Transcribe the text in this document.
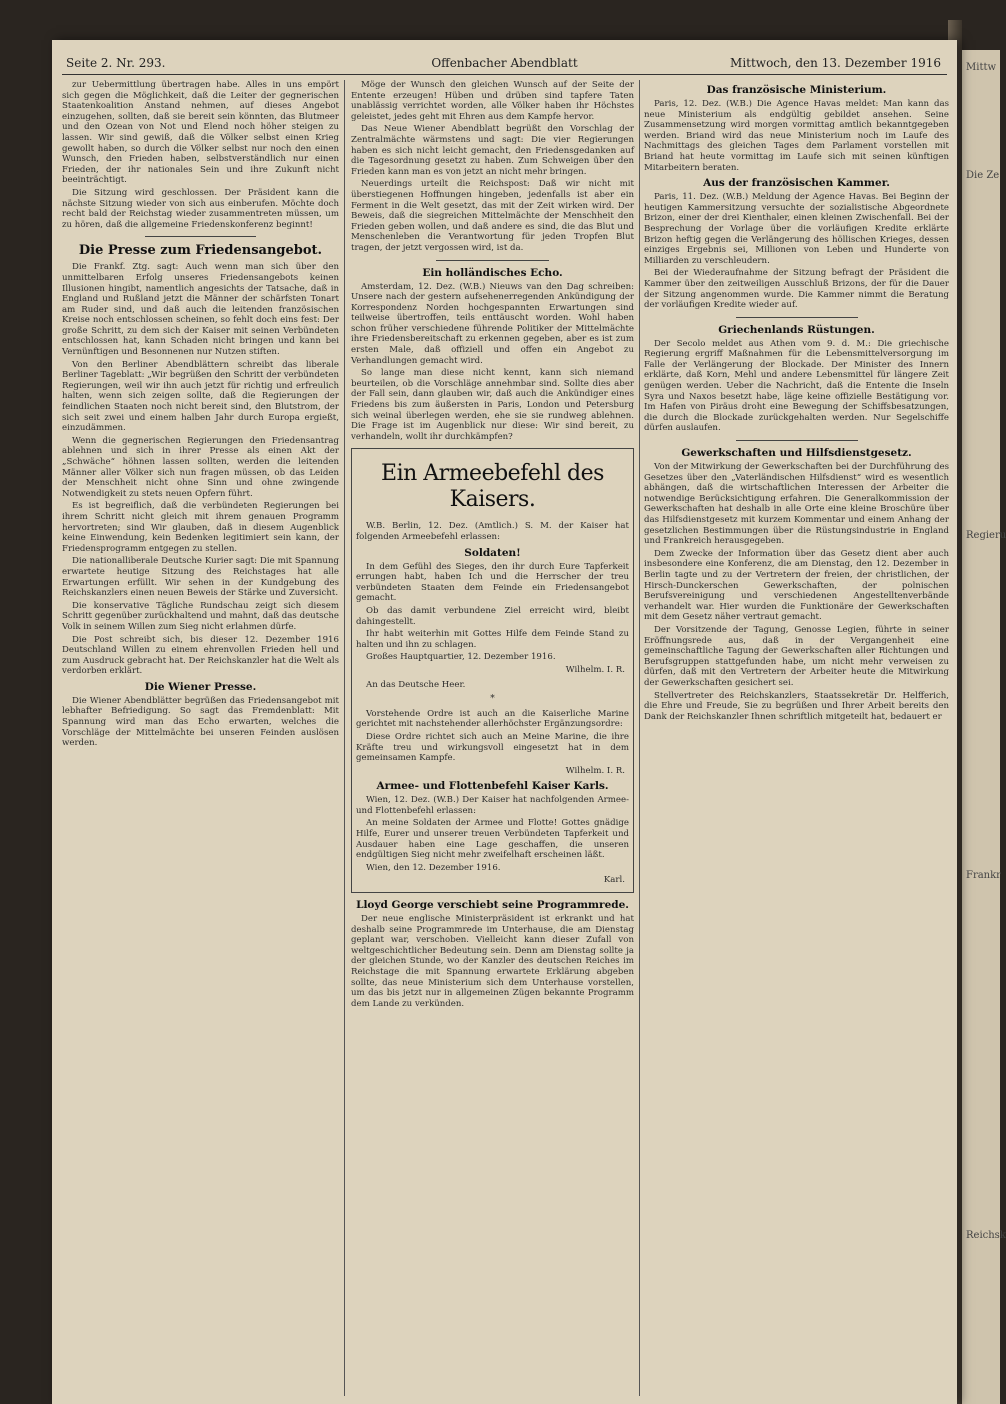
Mittw
Die Ze
Regieru
Frankr
Reichsk
Seite 2. Nr. 293.	Offenbacher Abendblatt	Mittwoch, den 13. Dezember 1916

zur Uebermittlung übertragen habe. Alles in uns empört sich gegen die Möglichkeit, daß die Leiter der gegnerischen Staatenkoalition Anstand nehmen, auf dieses Angebot einzugehen, sollten, daß sie bereit sein könnten, das Blutmeer und den Ozean von Not und Elend noch höher steigen zu lassen. Wir sind gewiß, daß die Völker selbst einen Krieg gewollt haben, so durch die Völker selbst nur noch den einen Wunsch, den Frieden haben, selbstverständlich nur einen Frieden, der ihr nationales Sein und ihre Zukunft nicht beeinträchtigt.

Die Sitzung wird geschlossen. Der Präsident kann die nächste Sitzung wieder von sich aus einberufen. Möchte doch recht bald der Reichstag wieder zusammentreten müssen, um zu hören, daß die allgemeine Friedenskonferenz beginnt!

Die Presse zum Friedensangebot.

Die Frankf. Ztg. sagt: Auch wenn man sich über den unmittelbaren Erfolg unseres Friedensangebots keinen Illusionen hingibt, namentlich angesichts der Tatsache, daß in England und Rußland jetzt die Männer der schärfsten Tonart am Ruder sind, und daß auch die leitenden französischen Kreise noch entschlossen scheinen, so fehlt doch eins fest: Der große Schritt, zu dem sich der Kaiser mit seinen Verbündeten entschlossen hat, kann Schaden nicht bringen und kann bei Vernünftigen und Besonnenen nur Nutzen stiften.

Von den Berliner Abendblättern schreibt das liberale Berliner Tageblatt: „Wir begrüßen den Schritt der verbündeten Regierungen, weil wir ihn auch jetzt für richtig und erfreulich halten, wenn sich zeigen sollte, daß die Regierungen der feindlichen Staaten noch nicht bereit sind, den Blutstrom, der sich seit zwei und einem halben Jahr durch Europa ergießt, einzudämmen.

Wenn die gegnerischen Regierungen den Friedensantrag ablehnen und sich in ihrer Presse als einen Akt der „Schwäche“ höhnen lassen sollten, werden die leitenden Männer aller Völker sich nun fragen müssen, ob das Leiden der Menschheit nicht ohne Sinn und ohne zwingende Notwendigkeit zu stets neuen Opfern führt.

Es ist begreiflich, daß die verbündeten Regierungen bei ihrem Schritt nicht gleich mit ihrem genauen Programm hervortreten; sind Wir glauben, daß in diesem Augenblick keine Einwendung, kein Bedenken legitimiert sein kann, der Friedensprogramm entgegen zu stellen.

Die nationalliberale Deutsche Kurier sagt: Die mit Spannung erwartete heutige Sitzung des Reichstages hat alle Erwartungen erfüllt. Wir sehen in der Kundgebung des Reichskanzlers einen neuen Beweis der Stärke und Zuversicht.

Die konservative Tägliche Rundschau zeigt sich diesem Schritt gegenüber zurückhaltend und mahnt, daß das deutsche Volk in seinem Willen zum Sieg nicht erlahmen dürfe.

Die Post schreibt sich, bis dieser 12. Dezember 1916 Deutschland Willen zu einem ehrenvollen Frieden hell und zum Ausdruck gebracht hat. Der Reichskanzler hat die Welt als verdorben erklärt.

Die Wiener Presse.

Die Wiener Abendblätter begrüßen das Friedensangebot mit lebhafter Befriedigung. So sagt das Fremdenblatt: Mit Spannung wird man das Echo erwarten, welches die Vorschläge der Mittelmächte bei unseren Feinden auslösen werden.

Möge der Wunsch den gleichen Wunsch auf der Seite der Entente erzeugen! Hüben und drüben sind tapfere Taten unablässig verrichtet worden, alle Völker haben ihr Höchstes geleistet, jedes geht mit Ehren aus dem Kampfe hervor.

Das Neue Wiener Abendblatt begrüßt den Vorschlag der Zentralmächte wärmstens und sagt: Die vier Regierungen haben es sich nicht leicht gemacht, den Friedensgedanken auf die Tagesordnung gesetzt zu haben. Zum Schweigen über den Frieden kann man es von jetzt an nicht mehr bringen.

Neuerdings urteilt die Reichspost: Daß wir nicht mit überstiegenen Hoffnungen hingeben, jedenfalls ist aber ein Ferment in die Welt gesetzt, das mit der Zeit wirken wird. Der Beweis, daß die siegreichen Mittelmächte der Menschheit den Frieden geben wollen, und daß andere es sind, die das Blut und Menschenleben die Verantwortung für jeden Tropfen Blut tragen, der jetzt vergossen wird, ist da.

Ein holländisches Echo.

Amsterdam, 12. Dez. (W.B.) Nieuws van den Dag schreiben: Unsere nach der gestern aufsehenerregenden Ankündigung der Korrespondenz Norden hochgespannten Erwartungen sind teilweise übertroffen, teils enttäuscht worden. Wohl haben schon früher verschiedene führende Politiker der Mittelmächte ihre Friedensbereitschaft zu erkennen gegeben, aber es ist zum ersten Male, daß offiziell und offen ein Angebot zu Verhandlungen gemacht wird.

So lange man diese nicht kennt, kann sich niemand beurteilen, ob die Vorschläge annehmbar sind. Sollte dies aber der Fall sein, dann glauben wir, daß auch die Ankündiger eines Friedens bis zum äußersten in Paris, London und Petersburg sich weinal überlegen werden, ehe sie sie rundweg ablehnen. Die Frage ist im Augenblick nur diese: Wir sind bereit, zu verhandeln, wollt ihr durchkämpfen?

Ein Armeebefehl des Kaisers.

W.B. Berlin, 12. Dez. (Amtlich.) S. M. der Kaiser hat folgenden Armeebefehl erlassen:

Soldaten!

In dem Gefühl des Sieges, den ihr durch Eure Tapferkeit errungen habt, haben Ich und die Herrscher der treu verbündeten Staaten dem Feinde ein Friedensangebot gemacht.

Ob das damit verbundene Ziel erreicht wird, bleibt dahingestellt.

Ihr habt weiterhin mit Gottes Hilfe dem Feinde Stand zu halten und ihn zu schlagen.

Großes Hauptquartier, 12. Dezember 1916.

Wilhelm. I. R.

An das Deutsche Heer.

*

Vorstehende Ordre ist auch an die Kaiserliche Marine gerichtet mit nachstehender allerhöchster Ergänzungsordre:

Diese Ordre richtet sich auch an Meine Marine, die ihre Kräfte treu und wirkungsvoll eingesetzt hat in dem gemeinsamen Kampfe.

Wilhelm. I. R.
Armee- und Flottenbefehl Kaiser Karls.

Wien, 12. Dez. (W.B.) Der Kaiser hat nachfolgenden Armee- und Flottenbefehl erlassen:

An meine Soldaten der Armee und Flotte! Gottes gnädige Hilfe, Eurer und unserer treuen Verbündeten Tapferkeit und Ausdauer haben eine Lage geschaffen, die unseren endgültigen Sieg nicht mehr zweifelhaft erscheinen läßt.

Wien, den 12. Dezember 1916.

Karl.
Lloyd George verschiebt seine Programmrede.

Der neue englische Ministerpräsident ist erkrankt und hat deshalb seine Programmrede im Unterhause, die am Dienstag geplant war, verschoben. Vielleicht kann dieser Zufall von weltgeschichtlicher Bedeutung sein. Denn am Dienstag sollte ja der gleichen Stunde, wo der Kanzler des deutschen Reiches im Reichstage die mit Spannung erwartete Erklärung abgeben sollte, das neue Ministerium sich dem Unterhause vorstellen, um das bis jetzt nur in allgemeinen Zügen bekannte Programm dem Lande zu verkünden.

Das französische Ministerium.

Paris, 12. Dez. (W.B.) Die Agence Havas meldet: Man kann das neue Ministerium als endgültig gebildet ansehen. Seine Zusammensetzung wird morgen vormittag amtlich bekanntgegeben werden. Briand wird das neue Ministerium noch im Laufe des Nachmittags des gleichen Tages dem Parlament vorstellen mit Briand hat heute vormittag im Laufe sich mit seinen künftigen Mitarbeitern beraten.

Aus der französischen Kammer.

Paris, 11. Dez. (W.B.) Meldung der Agence Havas. Bei Beginn der heutigen Kammersitzung versuchte der sozialistische Abgeordnete Brizon, einer der drei Kienthaler, einen kleinen Zwischenfall. Bei der Besprechung der Vorlage über die vorläufigen Kredite erklärte Brizon heftig gegen die Verlängerung des höllischen Krieges, dessen einziges Ergebnis sei, Millionen von Leben und Hunderte von Milliarden zu verschleudern.

Bei der Wiederaufnahme der Sitzung befragt der Präsident die Kammer über den zeitweiligen Ausschluß Brizons, der für die Dauer der Sitzung angenommen wurde. Die Kammer nimmt die Beratung der vorläufigen Kredite wieder auf.

Griechenlands Rüstungen.

Der Secolo meldet aus Athen vom 9. d. M.: Die griechische Regierung ergriff Maßnahmen für die Lebensmittelversorgung im Falle der Verlängerung der Blockade. Der Minister des Innern erklärte, daß Korn, Mehl und andere Lebensmittel für längere Zeit genügen werden. Ueber die Nachricht, daß die Entente die Inseln Syra und Naxos besetzt habe, läge keine offizielle Bestätigung vor. Im Hafen von Piräus droht eine Bewegung der Schiffsbesatzungen, die durch die Blockade zurückgehalten werden. Nur Segelschiffe dürfen auslaufen.

Gewerkschaften und Hilfsdienstgesetz.

Von der Mitwirkung der Gewerkschaften bei der Durchführung des Gesetzes über den „Vaterländischen Hilfsdienst“ wird es wesentlich abhängen, daß die wirtschaftlichen Interessen der Arbeiter die notwendige Berücksichtigung erfahren. Die Generalkommission der Gewerkschaften hat deshalb in alle Orte eine kleine Broschüre über das Hilfsdienstgesetz mit kurzem Kommentar und einem Anhang der gesetzlichen Bestimmungen über die Rüstungsindustrie in England und Frankreich herausgegeben.

Dem Zwecke der Information über das Gesetz dient aber auch insbesondere eine Konferenz, die am Dienstag, den 12. Dezember in Berlin tagte und zu der Vertretern der freien, der christlichen, der Hirsch-Dunckerschen Gewerkschaften, der polnischen Berufsvereinigung und verschiedenen Angestelltenverbände verhandelt war. Hier wurden die Funktionäre der Gewerkschaften mit dem Gesetz näher vertraut gemacht.

Der Vorsitzende der Tagung, Genosse Legien, führte in seiner Eröffnungsrede aus, daß in der Vergangenheit eine gemeinschaftliche Tagung der Gewerkschaften aller Richtungen und Berufsgruppen stattgefunden habe, um nicht mehr verweisen zu dürfen, daß mit den Vertretern der Arbeiter heute die Mitwirkung der Gewerkschaften gesichert sei.

Stellvertreter des Reichskanzlers, Staatssekretär Dr. Helfferich, die Ehre und Freude, Sie zu begrüßen und Ihrer Arbeit bereits den Dank der Reichskanzler Ihnen schriftlich mitgeteilt hat, bedauert er
